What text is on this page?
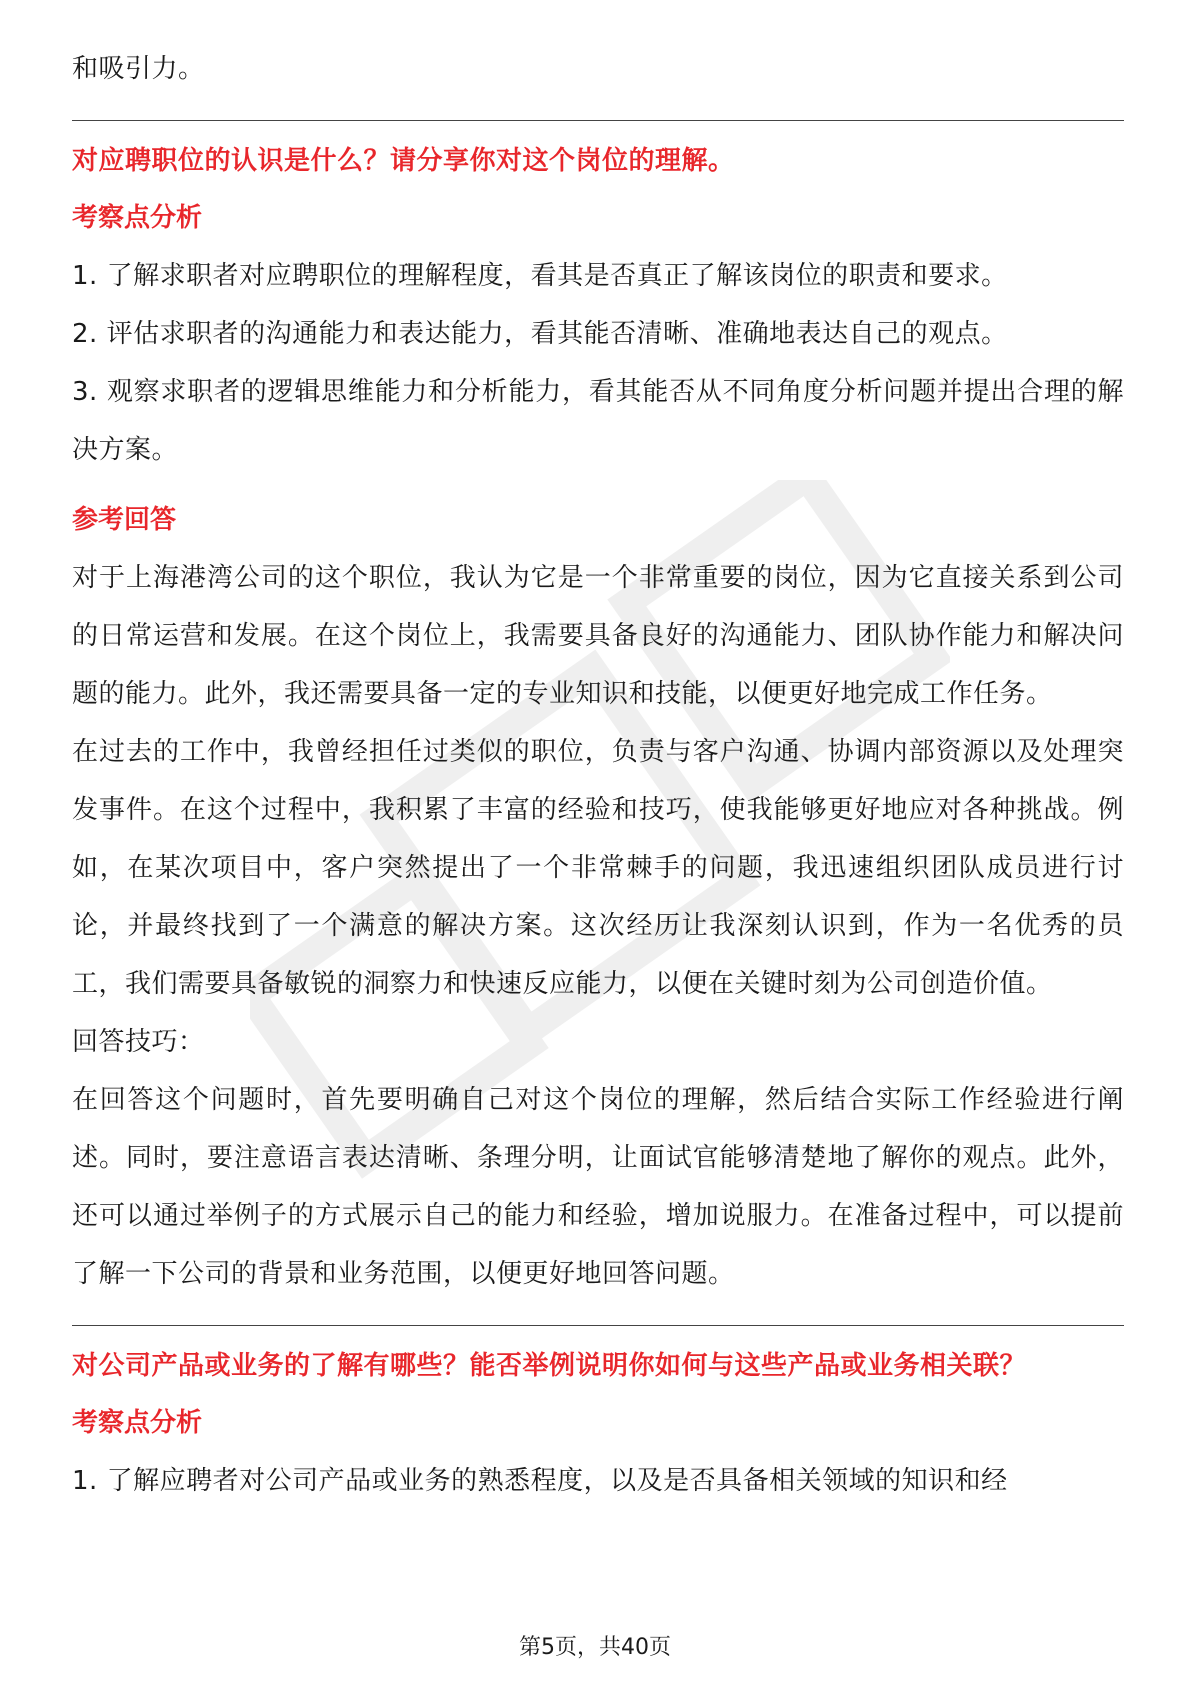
和吸引力。

对应聘职位的认识是什么？请分享你对这个岗位的理解。

考察点分析

1. 了解求职者对应聘职位的理解程度，看其是否真正了解该岗位的职责和要求。

2. 评估求职者的沟通能力和表达能力，看其能否清晰、准确地表达自己的观点。

3. 观察求职者的逻辑思维能力和分析能力，看其能否从不同角度分析问题并提出合理的解决方案。

参考回答

对于上海港湾公司的这个职位，我认为它是一个非常重要的岗位，因为它直接关系到公司的日常运营和发展。在这个岗位上，我需要具备良好的沟通能力、团队协作能力和解决问题的能力。此外，我还需要具备一定的专业知识和技能，以便更好地完成工作任务。

在过去的工作中，我曾经担任过类似的职位，负责与客户沟通、协调内部资源以及处理突发事件。在这个过程中，我积累了丰富的经验和技巧，使我能够更好地应对各种挑战。例如，在某次项目中，客户突然提出了一个非常棘手的问题，我迅速组织团队成员进行讨论，并最终找到了一个满意的解决方案。这次经历让我深刻认识到，作为一名优秀的员工，我们需要具备敏锐的洞察力和快速反应能力，以便在关键时刻为公司创造价值。

回答技巧：

在回答这个问题时，首先要明确自己对这个岗位的理解，然后结合实际工作经验进行阐述。同时，要注意语言表达清晰、条理分明，让面试官能够清楚地了解你的观点。此外，还可以通过举例子的方式展示自己的能力和经验，增加说服力。在准备过程中，可以提前了解一下公司的背景和业务范围，以便更好地回答问题。

对公司产品或业务的了解有哪些？能否举例说明你如何与这些产品或业务相关联？

考察点分析

1. 了解应聘者对公司产品或业务的熟悉程度，以及是否具备相关领域的知识和经

第5页，共40页
